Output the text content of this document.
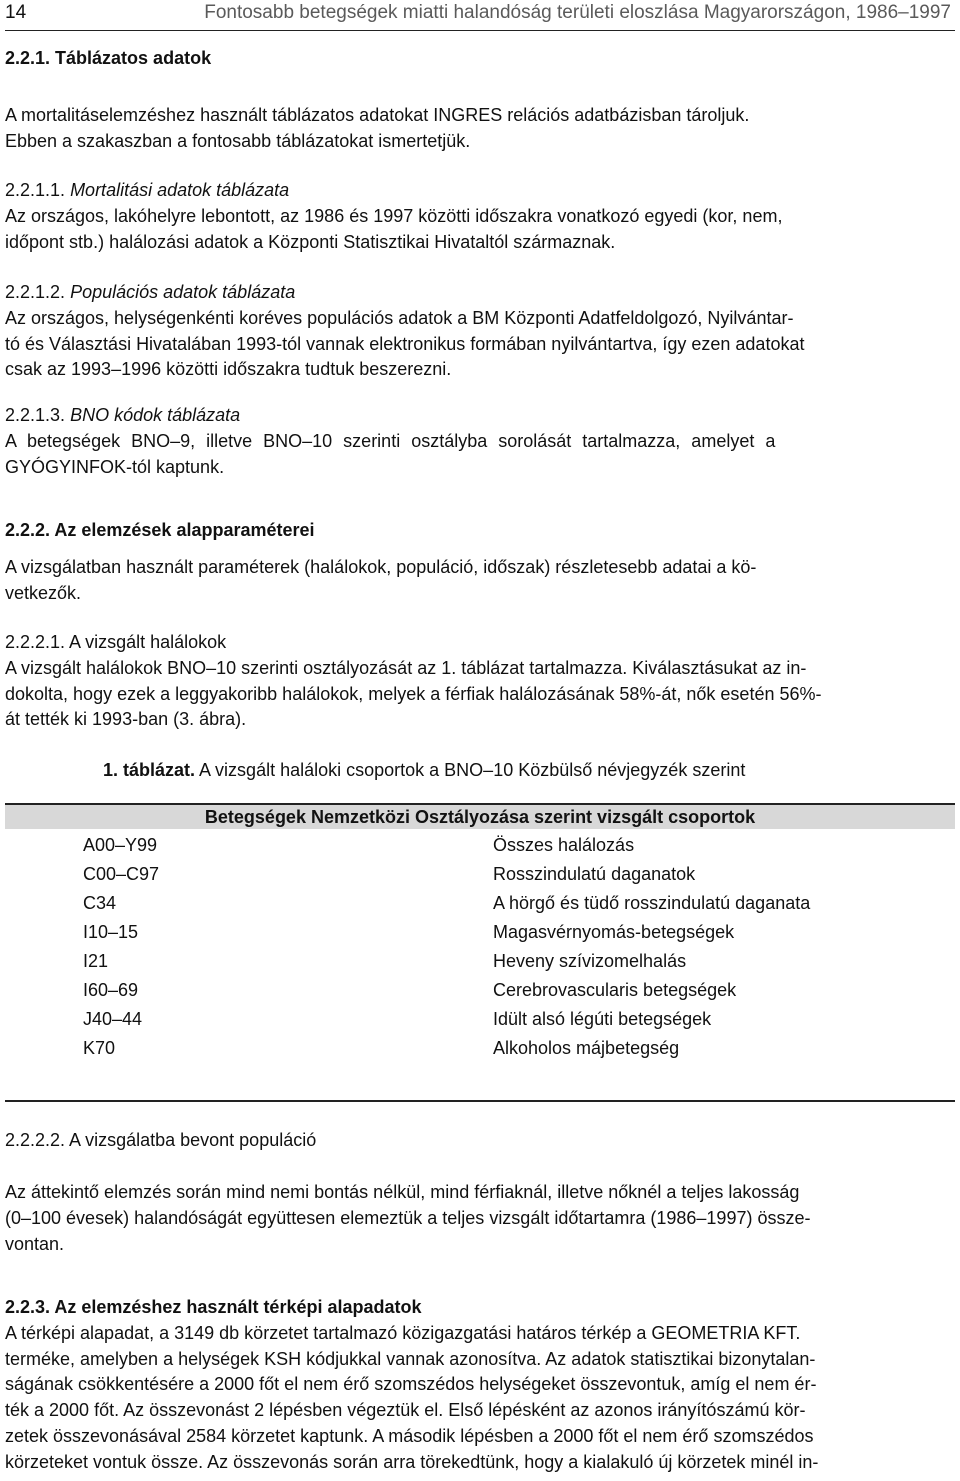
14	Fontosabb betegségek miatti halandóság területi eloszlása Magyarországon, 1986–1997
2.2.1. Táblázatos adatok
A mortalitáselemzéshez használt táblázatos adatokat INGRES relációs adatbázisban tároljuk.
Ebben a szakaszban a fontosabb táblázatokat ismertetjük.
2.2.1.1. Mortalitási adatok táblázata
Az országos, lakóhelyre lebontott, az 1986 és 1997 közötti időszakra vonatkozó egyedi (kor, nem,
időpont stb.) halálozási adatok a Központi Statisztikai Hivataltól származnak.
2.2.1.2. Populációs adatok táblázata
Az országos, helységenkénti koréves populációs adatok a BM Központi Adatfeldolgozó, Nyilvántar-
tó és Választási Hivatalában 1993-tól vannak elektronikus formában nyilvántartva, így ezen adatokat
csak az 1993–1996 közötti időszakra tudtuk beszerezni.
2.2.1.3. BNO kódok táblázata
A betegségek BNO–9, illetve BNO–10 szerinti osztályba sorolását tartalmazza, amelyet a
GYÓGYINFOK-tól kaptunk.
2.2.2. Az elemzések alapparaméterei
A vizsgálatban használt paraméterek (halálokok, populáció, időszak) részletesebb adatai a kö-
vetkezők.
2.2.2.1. A vizsgált halálokok
A vizsgált halálokok BNO–10 szerinti osztályozását az 1. táblázat tartalmazza. Kiválasztásukat az in-
dokolta, hogy ezek a leggyakoribb halálokok, melyek a férfiak halálozásának 58%-át, nők esetén 56%-
át tették ki 1993-ban (3. ábra).
1. táblázat. A vizsgált haláloki csoportok a BNO–10 Közbülső névjegyzék szerint
Betegségek Nemzetközi Osztályozása szerint vizsgált csoportok
A00–Y99	Összes halálozás
C00–C97	Rosszindulatú daganatok
C34	A hörgő és tüdő rosszindulatú daganata
I10–15	Magasvérnyomás-betegségek
I21	Heveny szívizomelhalás
I60–69	Cerebrovascularis betegségek
J40–44	Idült alsó légúti betegségek
K70	Alkoholos májbetegség
2.2.2.2. A vizsgálatba bevont populáció
Az áttekintő elemzés során mind nemi bontás nélkül, mind férfiaknál, illetve nőknél a teljes lakosság
(0–100 évesek) halandóságát együttesen elemeztük a teljes vizsgált időtartamra (1986–1997) össze-
vontan.
2.2.3. Az elemzéshez használt térképi alapadatok
A térképi alapadat, a 3149 db körzetet tartalmazó közigazgatási határos térkép a GEOMETRIA KFT.
terméke, amelyben a helységek KSH kódjukkal vannak azonosítva. Az adatok statisztikai bizonytalan-
ságának csökkentésére a 2000 főt el nem érő szomszédos helységeket összevontuk, amíg el nem ér-
ték a 2000 főt. Az összevonást 2 lépésben végeztük el. Első lépésként az azonos irányítószámú kör-
zetek összevonásával 2584 körzetet kaptunk. A második lépésben a 2000 főt el nem érő szomszédos
körzeteket vontuk össze. Az összevonás során arra törekedtünk, hogy a kialakuló új körzetek minél in-
